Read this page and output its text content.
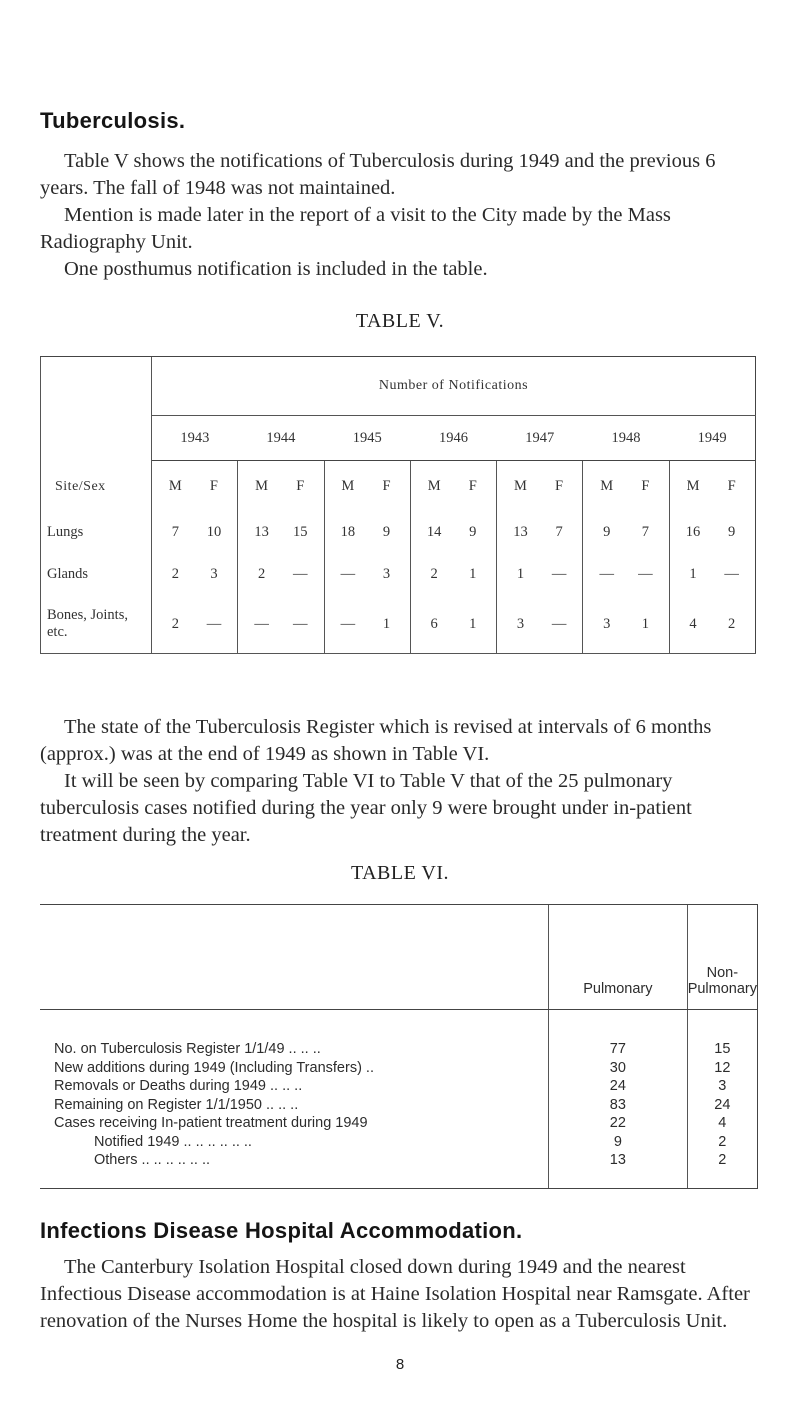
Tuberculosis.

Table V shows the notifications of Tuberculosis during 1949 and the previous 6 years. The fall of 1948 was not maintained.

Mention is made later in the report of a visit to the City made by the Mass Radiography Unit.

One posthumus notification is included in the table.

TABLE V.
Site/Sex	Number of Notifications						
	1943	1944	1945	1946	1947	1948	1949

	M F	M F	M F	M F	M F	M F	M F

Lungs	7 10	13 15	18 9	14 9	13 7	9 7	16 9

Glands	2 3	2 —	— 3	2 1	1 —	— —	1 —

Bones, Joints, etc.	2 —	— —	— 1	6 1	3 —	3 1	4 2

The state of the Tuberculosis Register which is revised at intervals of 6 months (approx.) was at the end of 1949 as shown in Table VI.

It will be seen by comparing Table VI to Table V that of the 25 pulmonary tuberculosis cases notified during the year only 9 were brought under in-patient treatment during the year.

TABLE VI.
	Pulmonary	Non-Pulmonary
No. on Tuberculosis Register 1/1/49 .. .. ..	77	15
New additions during 1949 (Including Transfers) ..	30	12
Removals or Deaths during 1949 .. .. ..	24	3
Remaining on Register 1/1/1950 .. .. ..	83	24
Cases receiving In-patient treatment during 1949	22	4
Notified 1949 .. .. .. .. .. ..	9	2
Others .. .. .. .. .. ..	13	2
Infections Disease Hospital Accommodation.

The Canterbury Isolation Hospital closed down during 1949 and the nearest Infectious Disease accommodation is at Haine Isolation Hospital near Ramsgate. After renovation of the Nurses Home the hospital is likely to open as a Tuberculosis Unit.

8
